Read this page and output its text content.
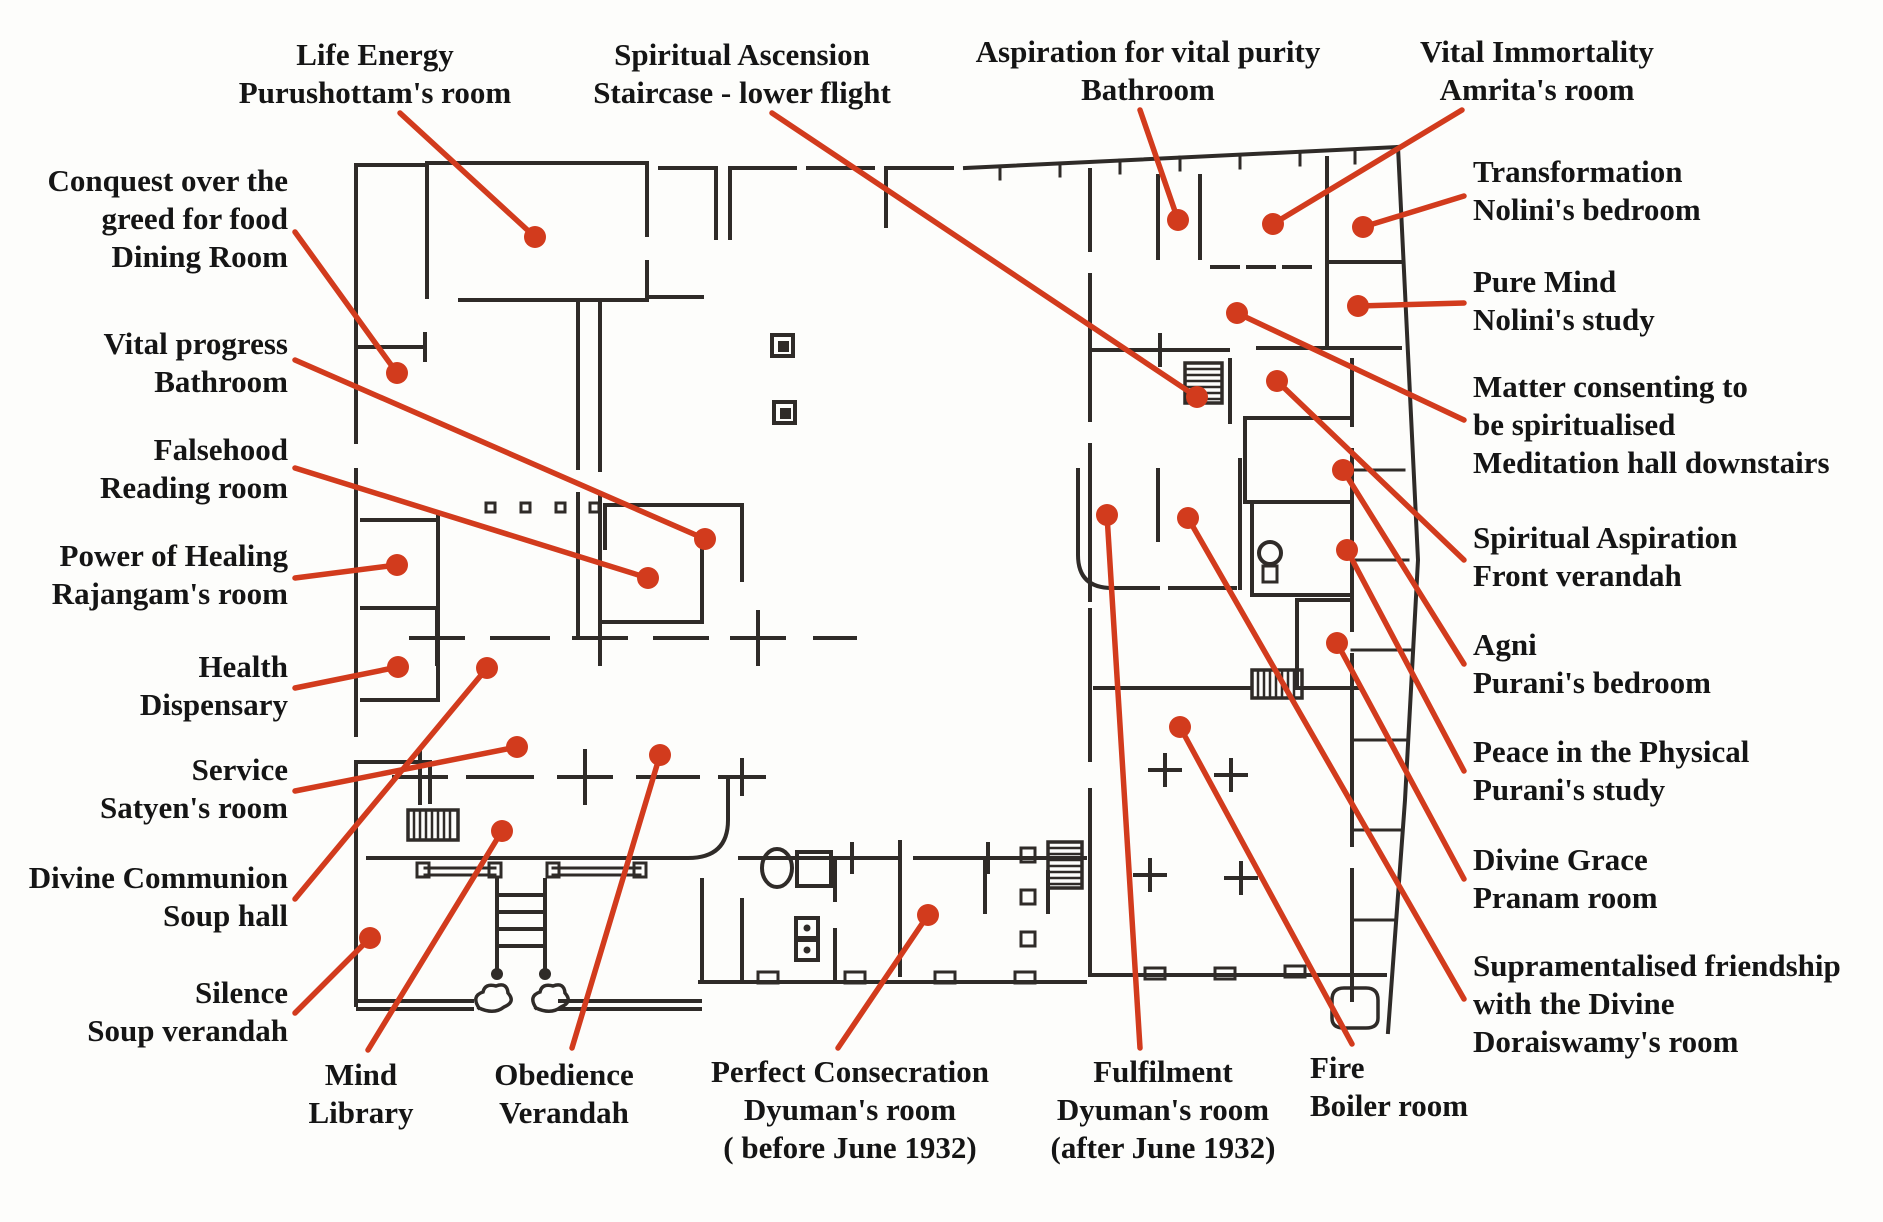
Life Energy
Purushottam's room
Spiritual Ascension
Staircase - lower flight
Aspiration for vital purity
Bathroom
Vital Immortality
Amrita's room
Transformation
Nolini's bedroom
Pure Mind
Nolini's study
Matter consenting to
be spiritualised
Meditation hall downstairs
Spiritual Aspiration
Front verandah
Agni
Purani's bedroom
Peace in the Physical
Purani's study
Divine Grace
Pranam room
Supramentalised friendship
with the Divine
Doraiswamy's room
Conquest over the
greed for food
Dining Room
Vital progress
Bathroom
Falsehood
Reading room
Power of Healing
Rajangam's room
Health
Dispensary
Service
Satyen's room
Divine Communion
Soup hall
Silence
Soup verandah
Mind
Library
Obedience
Verandah
Perfect Consecration
Dyuman's room
( before June 1932)
Fulfilment
Dyuman's room
(after June 1932)
Fire
Boiler room
